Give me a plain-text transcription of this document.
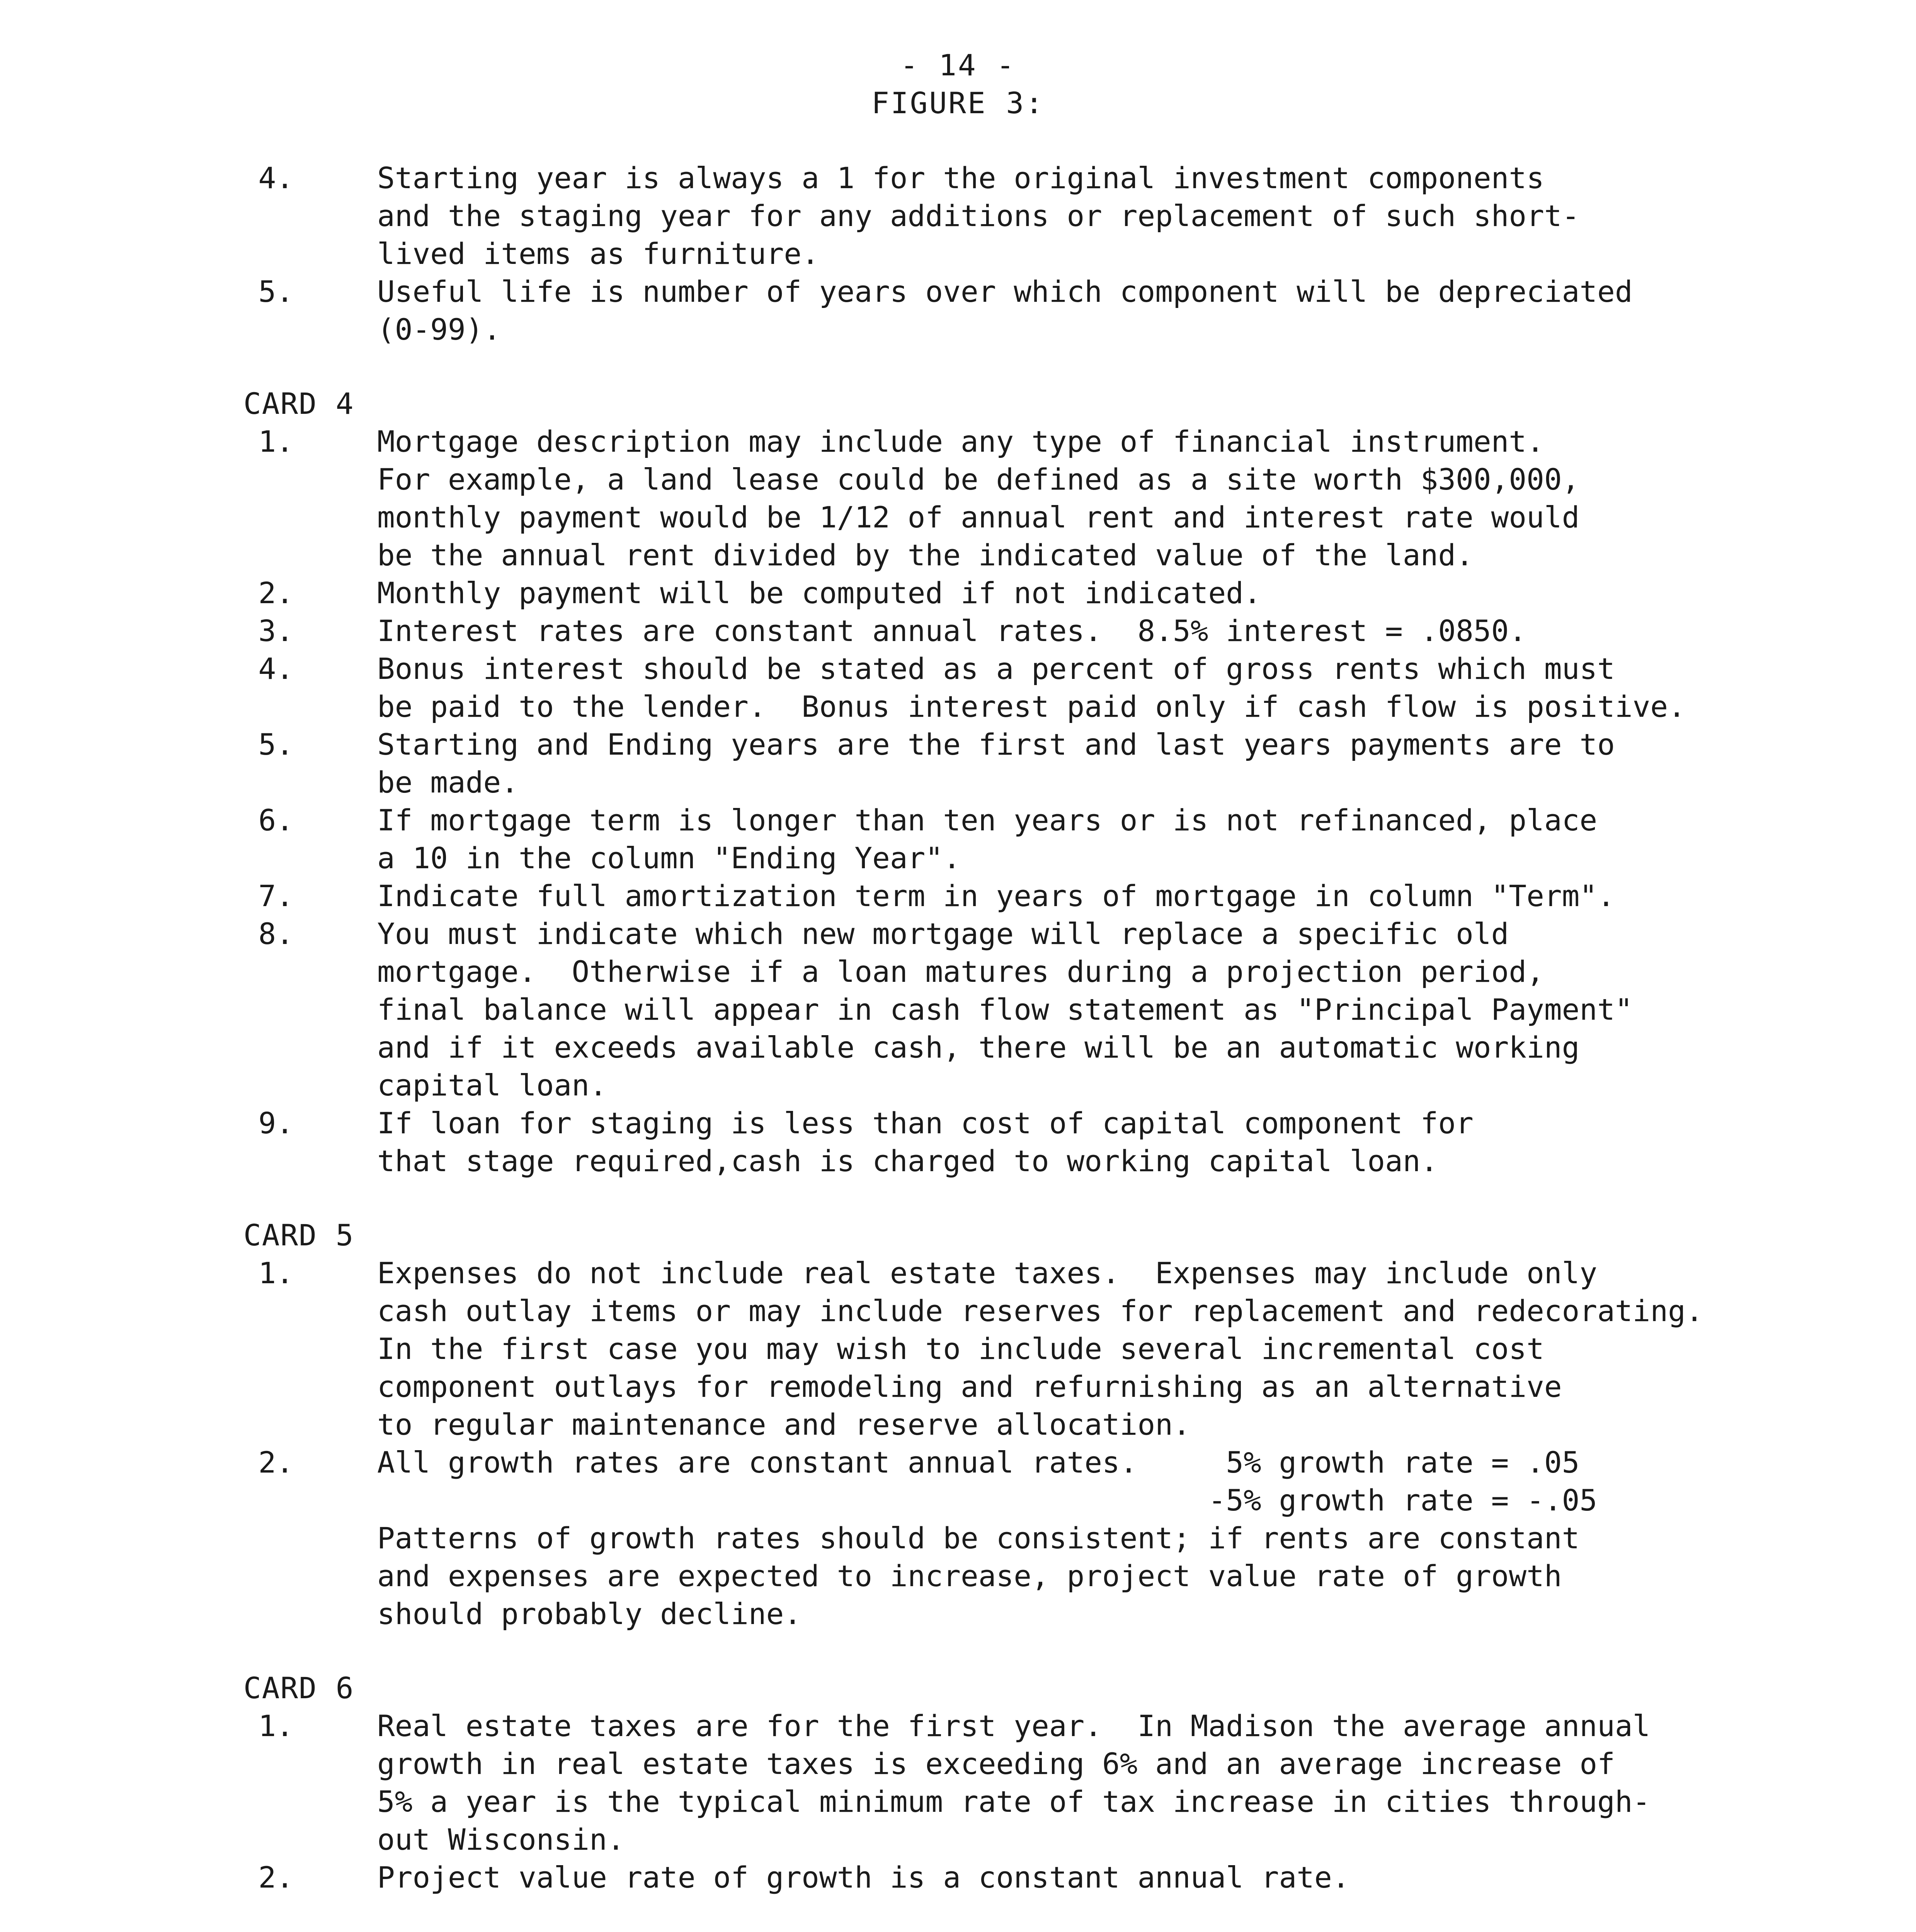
- 14 -
FIGURE 3:
4.	Starting year is always a 1 for the original investment components
and the staging year for any additions or replacement of such short-
lived items as furniture.
5.	Useful life is number of years over which component will be depreciated
(0-99).
CARD 4
1.	Mortgage description may include any type of financial instrument.
For example, a land lease could be defined as a site worth $300,000,
monthly payment would be 1/12 of annual rent and interest rate would
be the annual rent divided by the indicated value of the land.
2.	Monthly payment will be computed if not indicated.
3.	Interest rates are constant annual rates.  8.5% interest = .0850.
4.	Bonus interest should be stated as a percent of gross rents which must
be paid to the lender.  Bonus interest paid only if cash flow is positive.
5.	Starting and Ending years are the first and last years payments are to
be made.
6.	If mortgage term is longer than ten years or is not refinanced, place
a 10 in the column "Ending Year".
7.	Indicate full amortization term in years of mortgage in column "Term".
8.	You must indicate which new mortgage will replace a specific old
mortgage.  Otherwise if a loan matures during a projection period,
final balance will appear in cash flow statement as "Principal Payment"
and if it exceeds available cash, there will be an automatic working
capital loan.
9.	If loan for staging is less than cost of capital component for
that stage required,cash is charged to working capital loan.
CARD 5
1.	Expenses do not include real estate taxes.  Expenses may include only
cash outlay items or may include reserves for replacement and redecorating.
In the first case you may wish to include several incremental cost
component outlays for remodeling and refurnishing as an alternative
to regular maintenance and reserve allocation.
2.	All growth rates are constant annual rates.     5% growth rate = .05
-5% growth rate = -.05
Patterns of growth rates should be consistent; if rents are constant
and expenses are expected to increase, project value rate of growth
should probably decline.
CARD 6
1.	Real estate taxes are for the first year.  In Madison the average annual
growth in real estate taxes is exceeding 6% and an average increase of
5% a year is the typical minimum rate of tax increase in cities through-
out Wisconsin.
2.	Project value rate of growth is a constant annual rate.
